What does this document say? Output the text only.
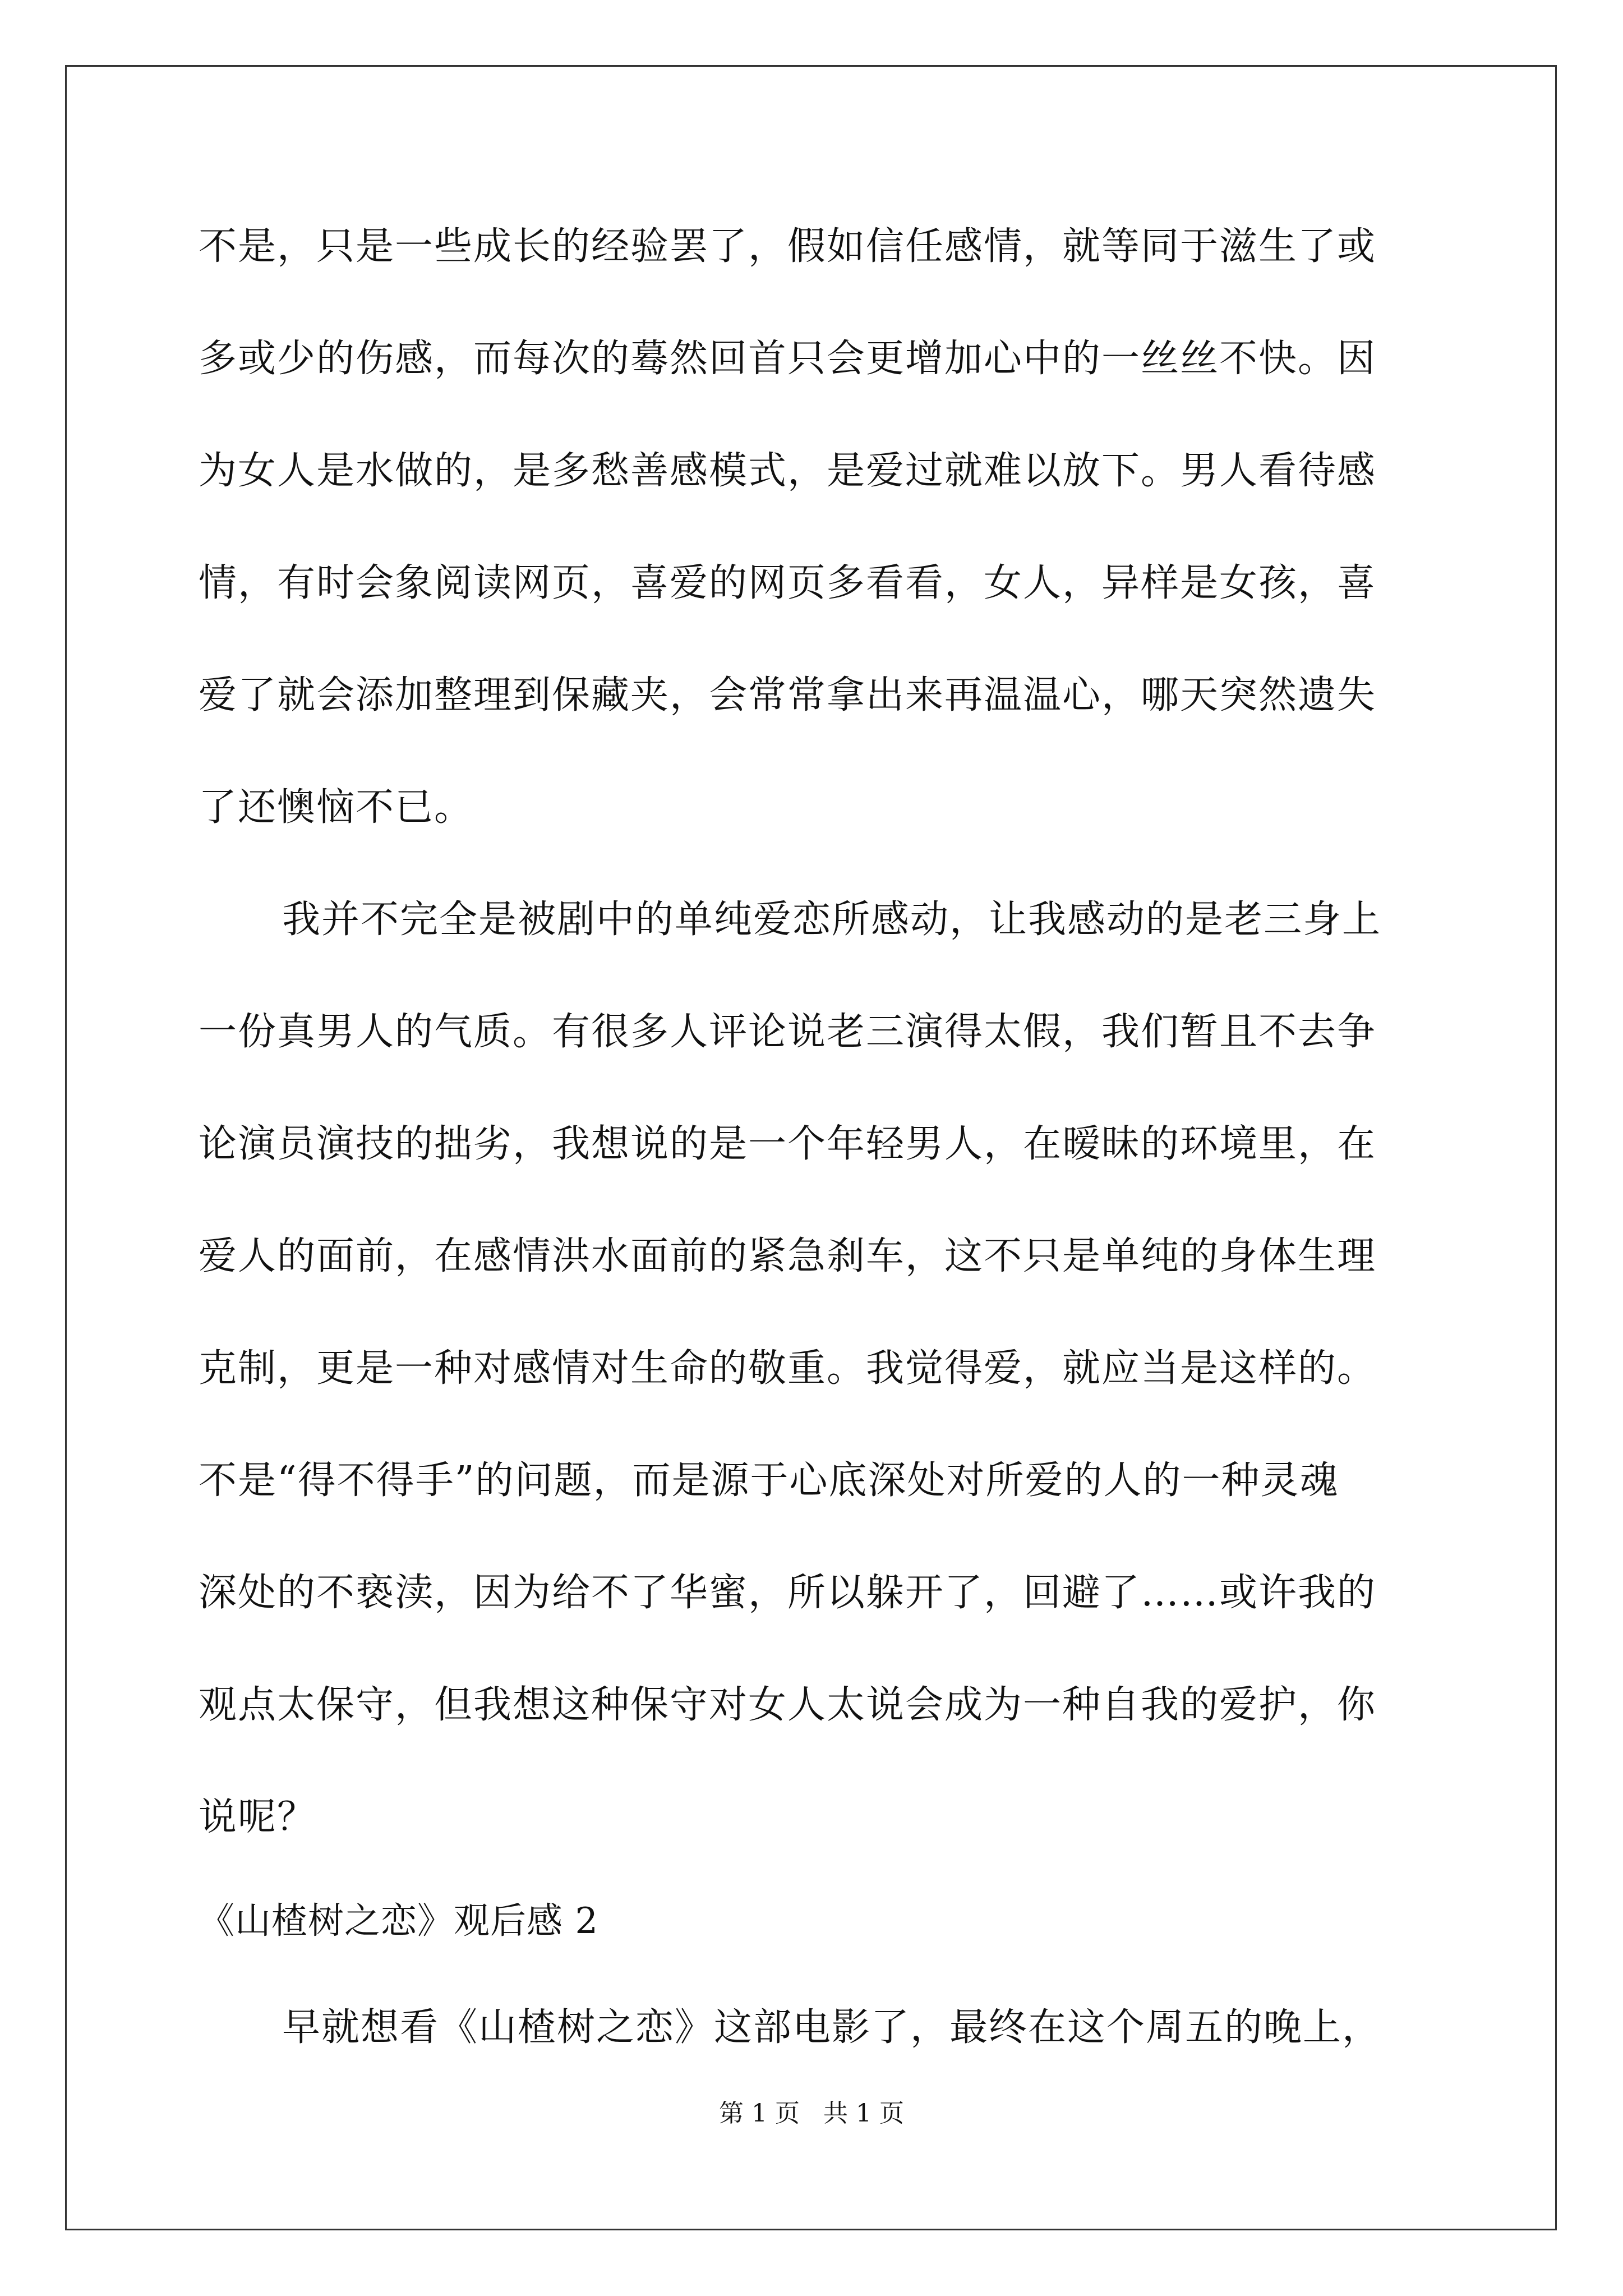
不是，只是一些成长的经验罢了，假如信任感情，就等同于滋生了或
多或少的伤感，而每次的蓦然回首只会更增加心中的一丝丝不快。因
为女人是水做的，是多愁善感模式，是爱过就难以放下。男人看待感
情，有时会象阅读网页，喜爱的网页多看看，女人，异样是女孩，喜
爱了就会添加整理到保藏夹，会常常拿出来再温温心，哪天突然遗失
了还懊恼不已。
我并不完全是被剧中的单纯爱恋所感动，让我感动的是老三身上
一份真男人的气质。有很多人评论说老三演得太假，我们暂且不去争
论演员演技的拙劣，我想说的是一个年轻男人，在暧昧的环境里，在
爱人的面前，在感情洪水面前的紧急刹车，这不只是单纯的身体生理
克制，更是一种对感情对生命的敬重。我觉得爱，就应当是这样的。
不是“得不得手”的问题，而是源于心底深处对所爱的人的一种灵魂
深处的不亵渎，因为给不了华蜜，所以躲开了，回避了……或许我的
观点太保守，但我想这种保守对女人太说会成为一种自我的爱护，你
说呢？
《山楂树之恋》观后感 2
早就想看《山楂树之恋》这部电影了，最终在这个周五的晚上，
第 1 页   共 1 页
